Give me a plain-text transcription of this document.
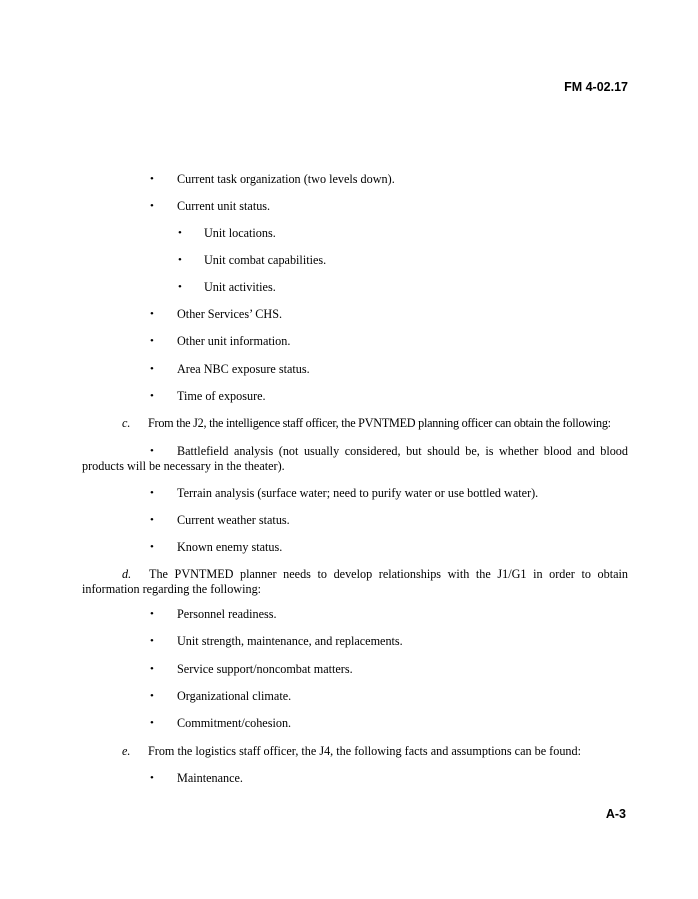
FM 4-02.17
• Current task organization (two levels down).
• Current unit status.
• Unit locations.
• Unit combat capabilities.
• Unit activities.
• Other Services’ CHS.
• Other unit information.
• Area NBC exposure status.
• Time of exposure.
c. From the J2, the intelligence staff officer, the PVNTMED planning officer can obtain the following:
•	Battlefield analysis (not usually considered, but should be, is whether blood and blood products will be necessary in the theater).
• Terrain analysis (surface water; need to purify water or use bottled water).
• Current weather status.
• Known enemy status.
d.	The PVNTMED planner needs to develop relationships with the J1/G1 in order to obtain information regarding the following:
• Personnel readiness.
• Unit strength, maintenance, and replacements.
• Service support/noncombat matters.
• Organizational climate.
• Commitment/cohesion.
e. From the logistics staff officer, the J4, the following facts and assumptions can be found:
• Maintenance.
A-3
